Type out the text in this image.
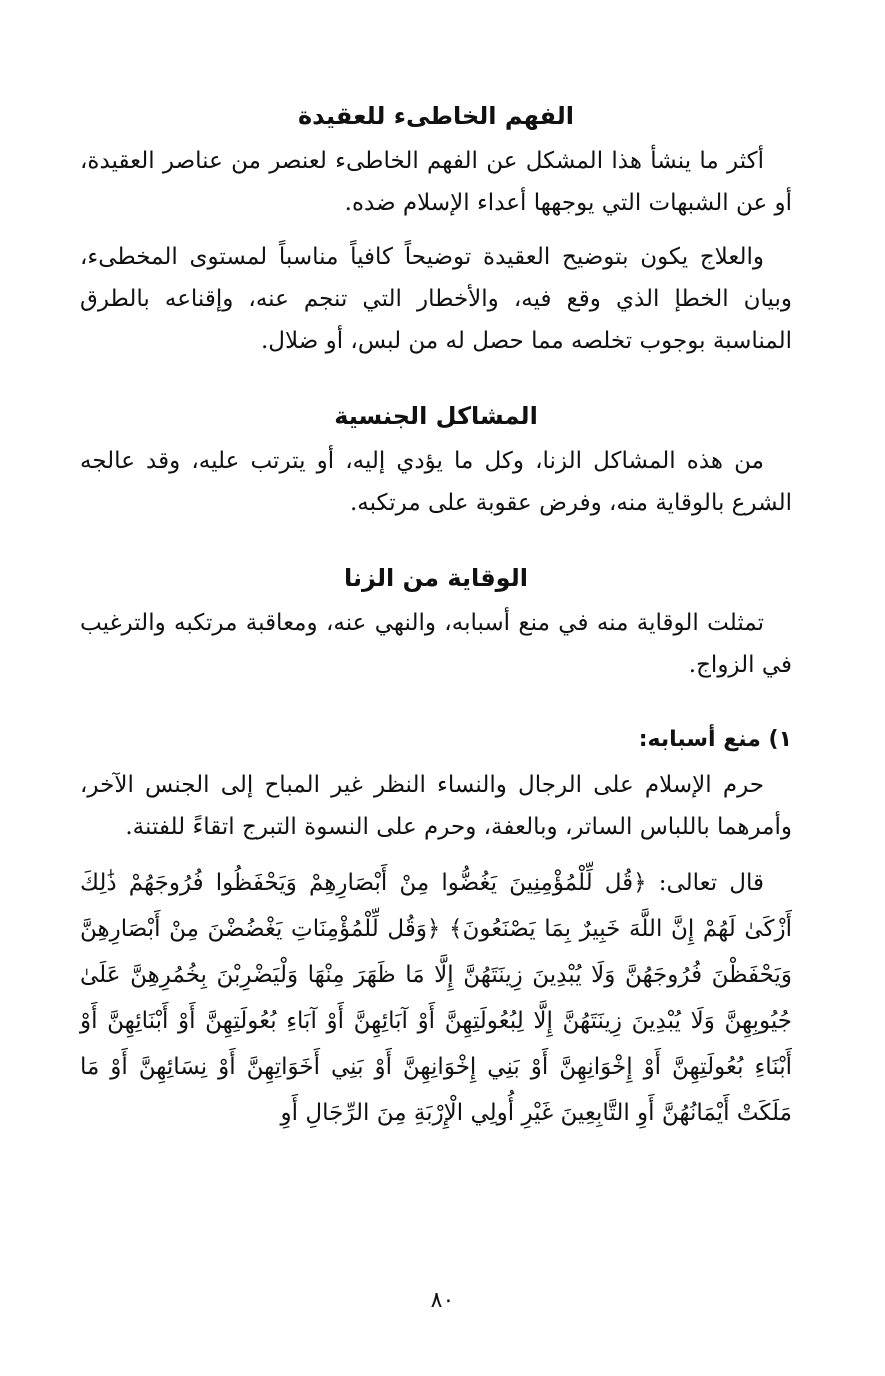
الفهم الخاطىء للعقيدة

أكثر ما ينشأ هذا المشكل عن الفهم الخاطىء لعنصر من عناصر العقيدة، أو عن الشبهات التي يوجهها أعداء الإسلام ضده.

والعلاج يكون بتوضيح العقيدة توضيحاً كافياً مناسباً لمستوى المخطىء، وبيان الخطإ الذي وقع فيه، والأخطار التي تنجم عنه، وإقناعه بالطرق المناسبة بوجوب تخلصه مما حصل له من لبس، أو ضلال.

المشاكل الجنسية

من هذه المشاكل الزنا، وكل ما يؤدي إليه، أو يترتب عليه، وقد عالجه الشرع بالوقاية منه، وفرض عقوبة على مرتكبه.

الوقاية من الزنا

تمثلت الوقاية منه في منع أسبابه، والنهي عنه، ومعاقبة مرتكبه والترغيب في الزواج.

١) منع أسبابه:

حرم الإسلام على الرجال والنساء النظر غير المباح إلى الجنس الآخر، وأمرهما باللباس الساتر، وبالعفة، وحرم على النسوة التبرج اتقاءً للفتنة.

قال تعالى: ﴿قُل لِّلْمُؤْمِنِينَ يَغُضُّوا مِنْ أَبْصَارِهِمْ وَيَحْفَظُوا فُرُوجَهُمْ ذَٰلِكَ أَزْكَىٰ لَهُمْ إِنَّ اللَّهَ خَبِيرٌ بِمَا يَصْنَعُونَ﴾ ﴿وَقُل لِّلْمُؤْمِنَاتِ يَغْضُضْنَ مِنْ أَبْصَارِهِنَّ وَيَحْفَظْنَ فُرُوجَهُنَّ وَلَا يُبْدِينَ زِينَتَهُنَّ إِلَّا مَا ظَهَرَ مِنْهَا وَلْيَضْرِبْنَ بِخُمُرِهِنَّ عَلَىٰ جُيُوبِهِنَّ وَلَا يُبْدِينَ زِينَتَهُنَّ إِلَّا لِبُعُولَتِهِنَّ أَوْ آبَائِهِنَّ أَوْ آبَاءِ بُعُولَتِهِنَّ أَوْ أَبْنَائِهِنَّ أَوْ أَبْنَاءِ بُعُولَتِهِنَّ أَوْ إِخْوَانِهِنَّ أَوْ بَنِي إِخْوَانِهِنَّ أَوْ بَنِي أَخَوَاتِهِنَّ أَوْ نِسَائِهِنَّ أَوْ مَا مَلَكَتْ أَيْمَانُهُنَّ أَوِ التَّابِعِينَ غَيْرِ أُولِي الْإِرْبَةِ مِنَ الرِّجَالِ أَوِ

٨٠
